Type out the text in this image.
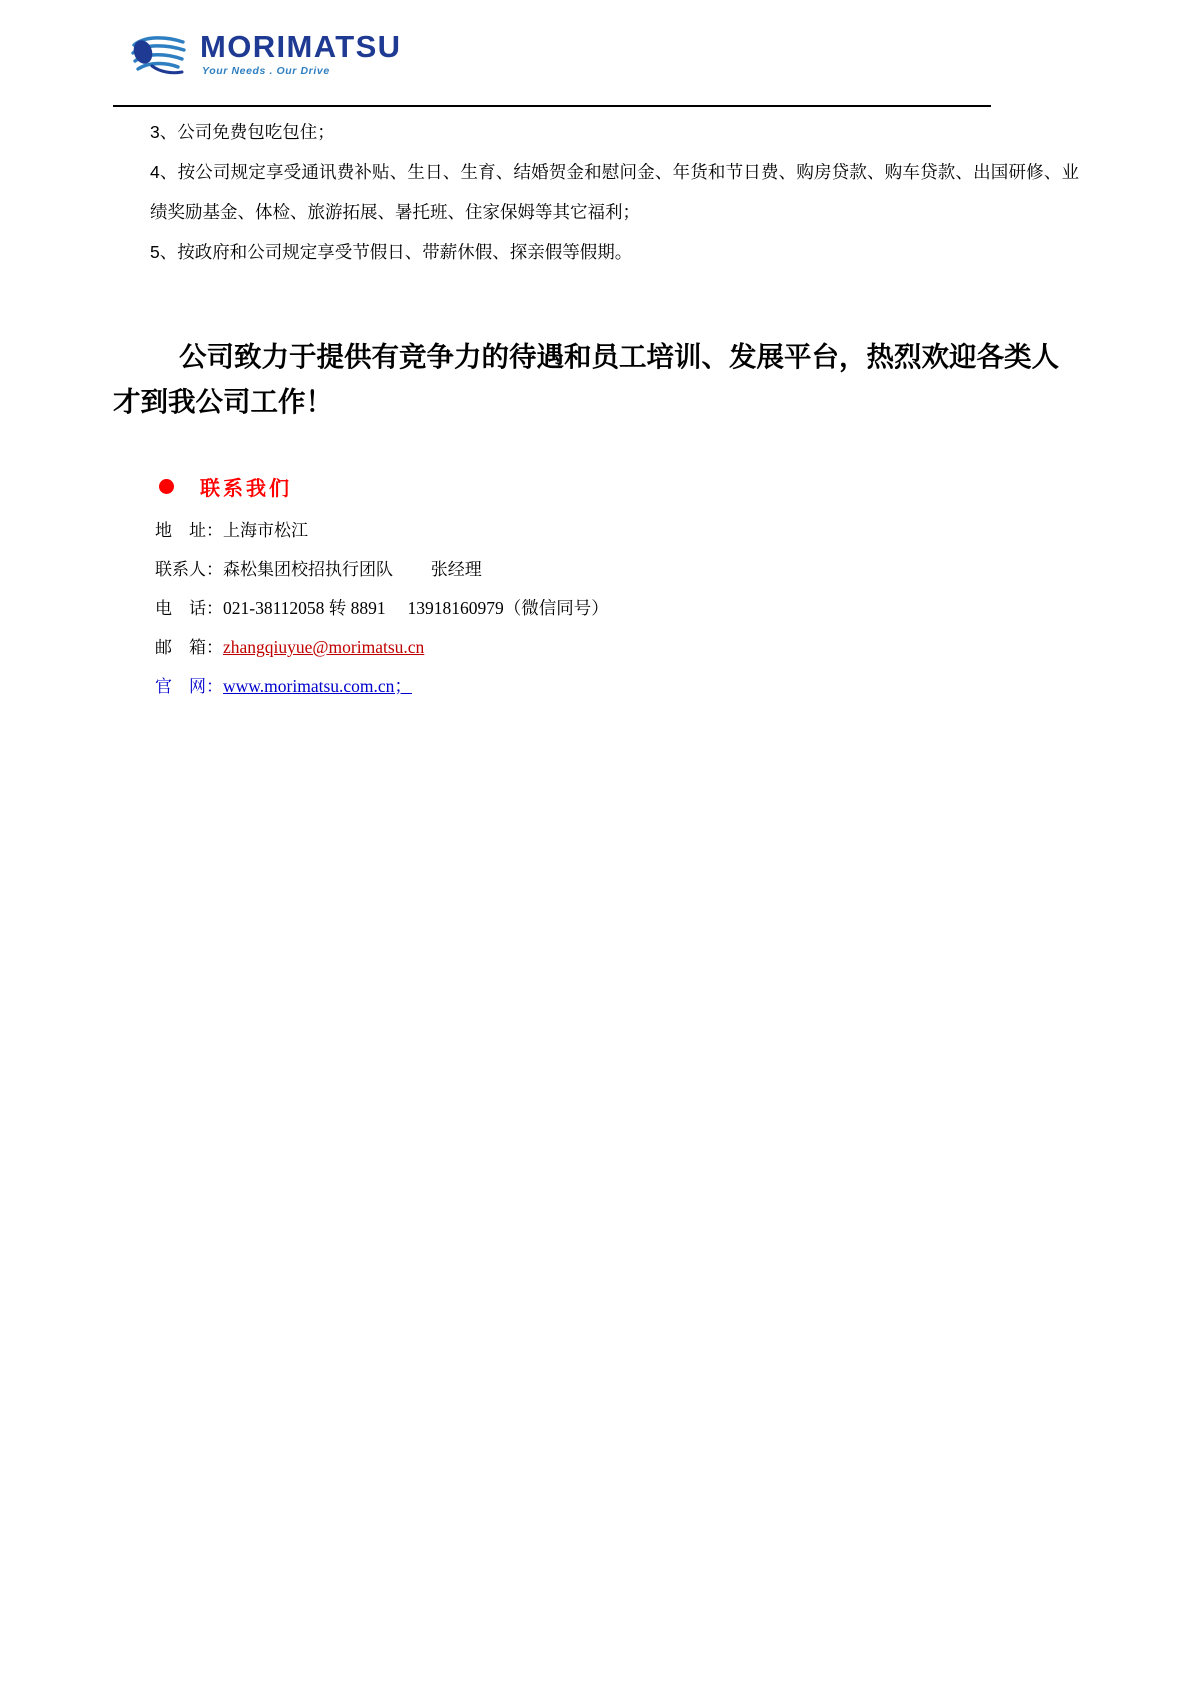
MORIMATSU
Your Needs . Our Drive

3、公司免费包吃包住；

4、按公司规定享受通讯费补贴、生日、生育、结婚贺金和慰问金、年货和节日费、购房贷款、购车贷款、出国研修、业绩奖励基金、体检、旅游拓展、暑托班、住家保姆等其它福利；

5、按政府和公司规定享受节假日、带薪休假、探亲假等假期。

公司致力于提供有竞争力的待遇和员工培训、发展平台，热烈欢迎各类人才到我公司工作！

联系我们
地　址：上海市松江
联系人：森松集团校招执行团队        张经理
电　话：021-38112058 转 8891     13918160979（微信同号）
邮　箱：zhangqiuyue@morimatsu.cn
官　网：www.morimatsu.com.cn；
